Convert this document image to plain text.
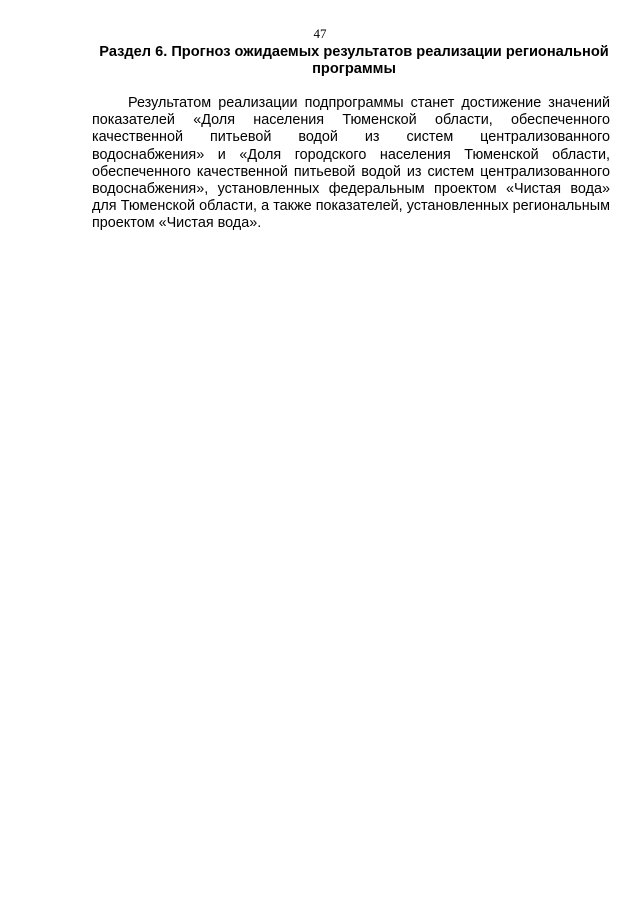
47
Раздел 6. Прогноз ожидаемых результатов реализации региональной программы

Результатом реализации подпрограммы станет достижение значений показателей «Доля населения Тюменской области, обеспеченного качественной питьевой водой из систем централизованного водоснабжения» и «Доля городского населения Тюменской области, обеспеченного качественной питьевой водой из систем централизованного водоснабжения», установленных федеральным проектом «Чистая вода» для Тюменской области, а также показателей, установленных региональным проектом «Чистая вода».
